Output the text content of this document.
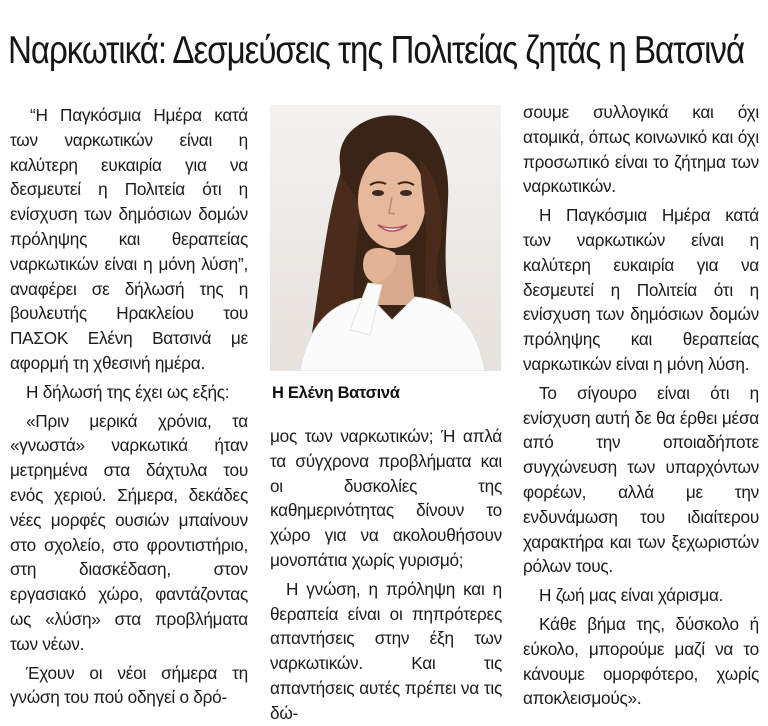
Ναρκωτικά: Δεσμεύσεις της Πολιτείας ζητάς η Βατσινά

“Η Παγκόσμια Ημέρα κατά των ναρκωτικών είναι η καλύτερη ευκαιρία για να δεσμευτεί η Πολιτεία ότι η ενίσχυση των δημόσιων δομών πρόληψης και θεραπείας ναρκωτικών είναι η μόνη λύση”, αναφέρει σε δήλωσή της η βουλευτής Ηρακλείου του ΠΑΣΟΚ Ελένη Βατσινά με αφορμή τη χθεσινή ημέρα.

Η δήλωσή της έχει ως εξής:

«Πριν μερικά χρόνια, τα «γνωστά» ναρκωτικά ήταν μετρημένα στα δάχτυλα του ενός χεριού. Σήμερα, δεκάδες νέες μορφές ουσιών μπαίνουν στο σχολείο, στο φροντιστήριο, στη διασκέδαση, στον εργασιακό χώρο, φαντάζοντας ως «λύση» στα προβλήματα των νέων.

Έχουν οι νέοι σήμερα τη γνώση του πού οδηγεί ο δρό-

Η Ελένη Βατσινά

μος των ναρκωτικών; Ή απλά τα σύγχρονα προβλήματα και οι δυσκολίες της καθημερινότητας δίνουν το χώρο για να ακολουθήσουν μονοπάτια χωρίς γυρισμό;

Η γνώση, η πρόληψη και η θεραπεία είναι οι πηπρότερες απαντήσεις στην έξη των ναρκωτικών. Και τις απαντήσεις αυτές πρέπει να τις δώ-

σουμε συλλογικά και όχι ατομικά, όπως κοινωνικό και όχι προσωπικό είναι το ζήτημα των ναρκωτικών.

Η Παγκόσμια Ημέρα κατά των ναρκωτικών είναι η καλύτερη ευκαιρία για να δεσμευτεί η Πολιτεία ότι η ενίσχυση των δημόσιων δομών πρόληψης και θεραπείας ναρκωτικών είναι η μόνη λύση.

Το σίγουρο είναι ότι η ενίσχυση αυτή δε θα έρθει μέσα από την οποιαδήποτε συγχώνευση των υπαρχόντων φορέων, αλλά με την ενδυνάμωση του ιδιαίτερου χαρακτήρα και των ξεχωριστών ρόλων τους.

Η ζωή μας είναι χάρισμα.

Κάθε βήμα της, δύσκολο ή εύκολο, μπορούμε μαζί να το κάνουμε ομορφότερο, χωρίς αποκλεισμούς».
